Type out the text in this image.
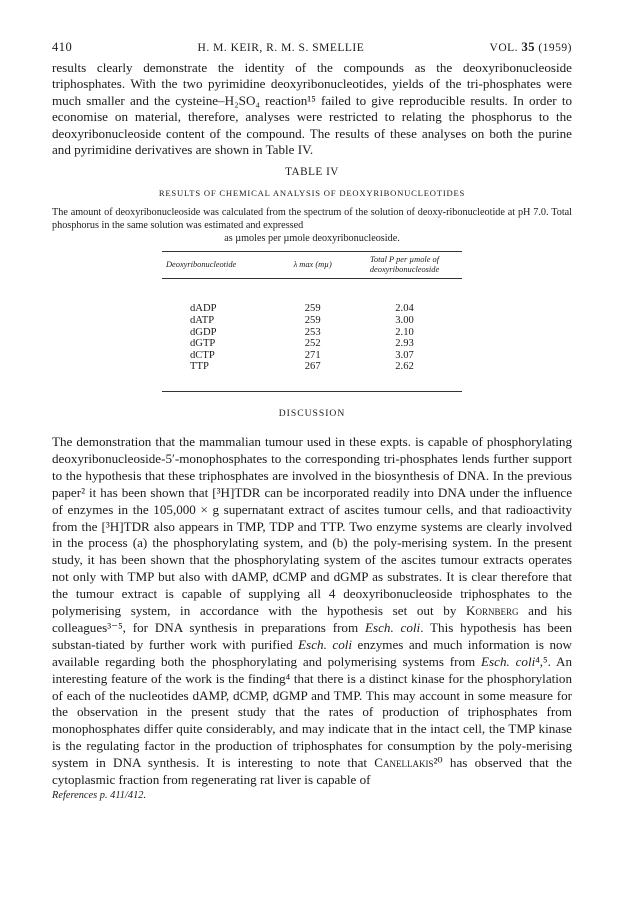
410	H. M. KEIR, R. M. S. SMELLIE	VOL. 35 (1959)

results clearly demonstrate the identity of the compounds as the deoxyribonucleoside triphosphates. With the two pyrimidine deoxyribonucleotides, yields of the tri-phosphates were much smaller and the cysteine–H₂SO₄ reaction¹⁵ failed to give reproducible results. In order to economise on material, therefore, analyses were restricted to relating the phosphorus to the deoxyribonucleoside content of the compound. The results of these analyses on both the purine and pyrimidine derivatives are shown in Table IV.

TABLE IV
RESULTS OF CHEMICAL ANALYSIS OF DEOXYRIBONUCLEOTIDES
The amount of deoxyribonucleoside was calculated from the spectrum of the solution of deoxy-ribonucleotide at pH 7.0. Total phosphorus in the same solution was estimated and expressed
as µmoles per µmole deoxyribonucleoside.
Deoxyribonucleotide	λ max (mµ)	Total P per µmole of
deoxyribonucleoside

dADP	259	2.04
dATP	259	3.00
dGDP	253	2.10
dGTP	252	2.93
dCTP	271	3.07
TTP	267	2.62
DISCUSSION

The demonstration that the mammalian tumour used in these expts. is capable of phosphorylating deoxyribonucleoside-5′-monophosphates to the corresponding tri-phosphates lends further support to the hypothesis that these triphosphates are involved in the biosynthesis of DNA. In the previous paper² it has been shown that [³H]TDR can be incorporated readily into DNA under the influence of enzymes in the 105,000 × g supernatant extract of ascites tumour cells, and that radioactivity from the [³H]TDR also appears in TMP, TDP and TTP. Two enzyme systems are clearly involved in the process (a) the phosphorylating system, and (b) the poly-merising system. In the present study, it has been shown that the phosphorylating system of the ascites tumour extracts operates not only with TMP but also with dAMP, dCMP and dGMP as substrates. It is clear therefore that the tumour extract is capable of supplying all 4 deoxyribonucleoside triphosphates to the polymerising system, in accordance with the hypothesis set out by Kornberg and his colleagues³⁻⁵, for DNA synthesis in preparations from Esch. coli. This hypothesis has been substan-tiated by further work with purified Esch. coli enzymes and much information is now available regarding both the phosphorylating and polymerising systems from Esch. coli⁴,⁵. An interesting feature of the work is the finding⁴ that there is a distinct kinase for the phosphorylation of each of the nucleotides dAMP, dCMP, dGMP and TMP. This may account in some measure for the observation in the present study that the rates of production of triphosphates from monophosphates differ quite considerably, and may indicate that in the intact cell, the TMP kinase is the regulating factor in the production of triphosphates for consumption by the poly-merising system in DNA synthesis. It is interesting to note that Canellakis²⁰ has observed that the cytoplasmic fraction from regenerating rat liver is capable of

References p. 411/412.
